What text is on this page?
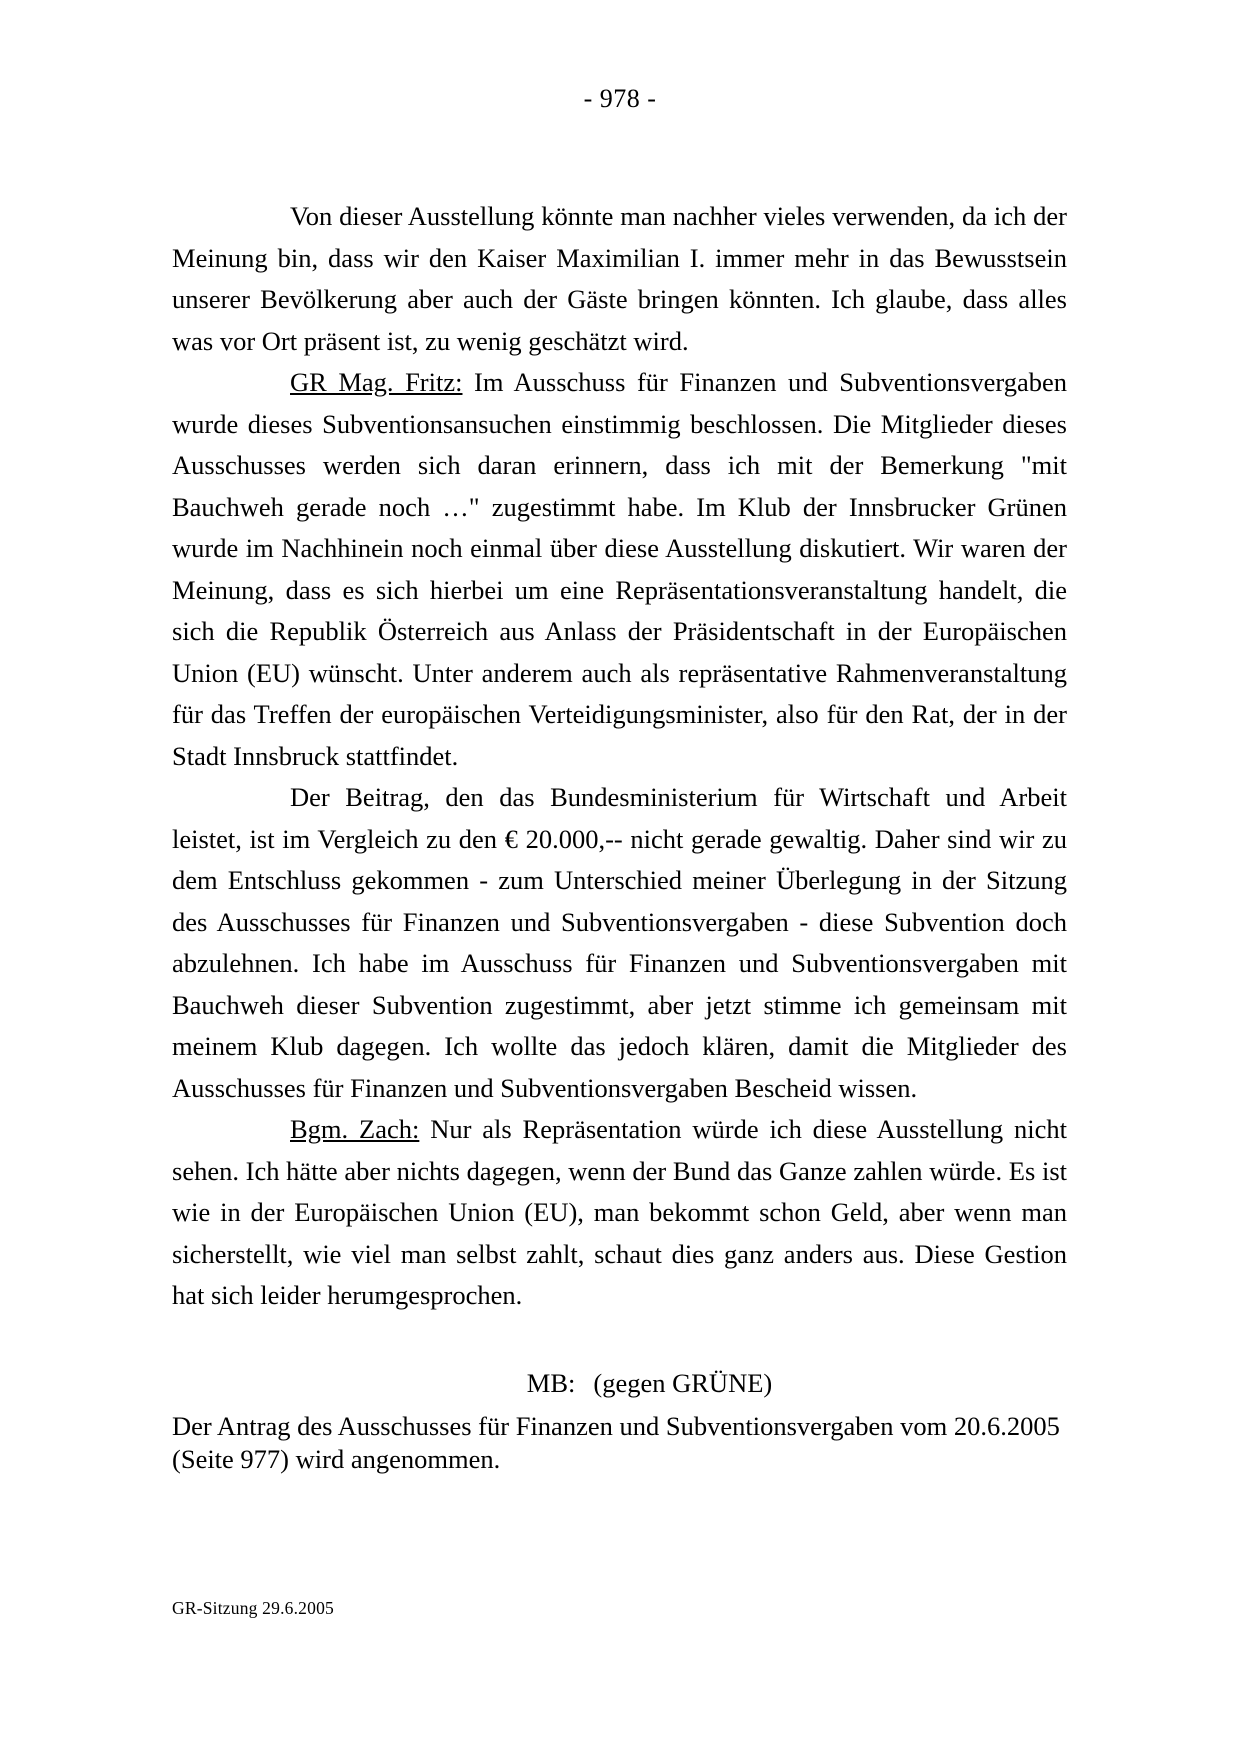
- 978 -

Von dieser Ausstellung könnte man nachher vieles verwenden, da ich der Meinung bin, dass wir den Kaiser Maximilian I. immer mehr in das Bewusstsein unserer Bevölkerung aber auch der Gäste bringen könnten. Ich glaube, dass alles was vor Ort präsent ist, zu wenig geschätzt wird.

GR Mag. Fritz: Im Ausschuss für Finanzen und Subventionsvergaben wurde dieses Subventionsansuchen einstimmig beschlossen. Die Mitglieder dieses Ausschusses werden sich daran erinnern, dass ich mit der Bemerkung "mit Bauchweh gerade noch …" zugestimmt habe. Im Klub der Innsbrucker Grünen wurde im Nachhinein noch einmal über diese Ausstellung diskutiert. Wir waren der Meinung, dass es sich hierbei um eine Repräsentationsveranstaltung handelt, die sich die Republik Österreich aus Anlass der Präsidentschaft in der Europäischen Union (EU) wünscht. Unter anderem auch als repräsentative Rahmenveranstaltung für das Treffen der europäischen Verteidigungsminister, also für den Rat, der in der Stadt Innsbruck stattfindet.

Der Beitrag, den das Bundesministerium für Wirtschaft und Arbeit leistet, ist im Vergleich zu den € 20.000,-- nicht gerade gewaltig. Daher sind wir zu dem Entschluss gekommen - zum Unterschied meiner Überlegung in der Sitzung des Ausschusses für Finanzen und Subventionsvergaben - diese Subvention doch abzulehnen. Ich habe im Ausschuss für Finanzen und Subventionsvergaben mit Bauchweh dieser Subvention zugestimmt, aber jetzt stimme ich gemeinsam mit meinem Klub dagegen. Ich wollte das jedoch klären, damit die Mitglieder des Ausschusses für Finanzen und Subventionsvergaben Bescheid wissen.

Bgm. Zach: Nur als Repräsentation würde ich diese Ausstellung nicht sehen. Ich hätte aber nichts dagegen, wenn der Bund das Ganze zahlen würde. Es ist wie in der Europäischen Union (EU), man bekommt schon Geld, aber wenn man sicherstellt, wie viel man selbst zahlt, schaut dies ganz anders aus. Diese Gestion hat sich leider herumgesprochen.

MB: (gegen GRÜNE)
Der Antrag des Ausschusses für Finanzen und Subventionsvergaben vom 20.6.2005 (Seite 977) wird angenommen.
GR-Sitzung 29.6.2005
